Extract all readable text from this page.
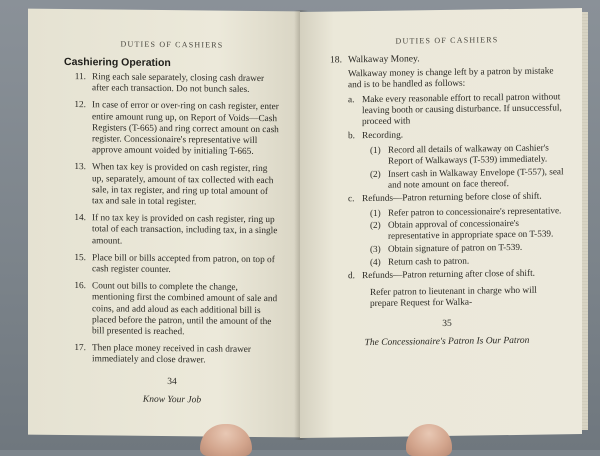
DUTIES OF CASHIERS
Cashiering Operation
11. Ring each sale separately, closing cash drawer after each transaction. Do not bunch sales.
12. In case of error or over-ring on cash register, enter entire amount rung up, on Report of Voids—Cash Registers (T-665) and ring correct amount on cash register. Concessionaire's representative will approve amount voided by initialing T-665.
13. When tax key is provided on cash register, ring up, separately, amount of tax collected with each sale, in tax register, and ring up total amount of tax and sale in total register.
14. If no tax key is provided on cash register, ring up total of each transaction, including tax, in a single amount.
15. Place bill or bills accepted from patron, on top of cash register counter.
16. Count out bills to complete the change, mentioning first the combined amount of sale and coins, and add aloud as each additional bill is placed before the patron, until the amount of the bill presented is reached.
17. Then place money received in cash drawer immediately and close drawer.
34
Know Your Job
DUTIES OF CASHIERS
18. Walkaway Money.
Walkaway money is change left by a patron by mistake and is to be handled as follows:
a. Make every reasonable effort to recall patron without leaving booth or causing disturbance. If unsuccessful, proceed with
b. Recording.
(1) Record all details of walkaway on Cashier's Report of Walkaways (T-539) immediately.
(2) Insert cash in Walkaway Envelope (T-557), seal and note amount on face thereof.
c. Refunds—Patron returning before close of shift.
(1) Refer patron to concessionaire's representative.
(2) Obtain approval of concessionaire's representative in appropriate space on T-539.
(3) Obtain signature of patron on T-539.
(4) Return cash to patron.
d. Refunds—Patron returning after close of shift.
Refer patron to lieutenant in charge who will prepare Request for Walka-
35
The Concessionaire's Patron Is Our Patron
